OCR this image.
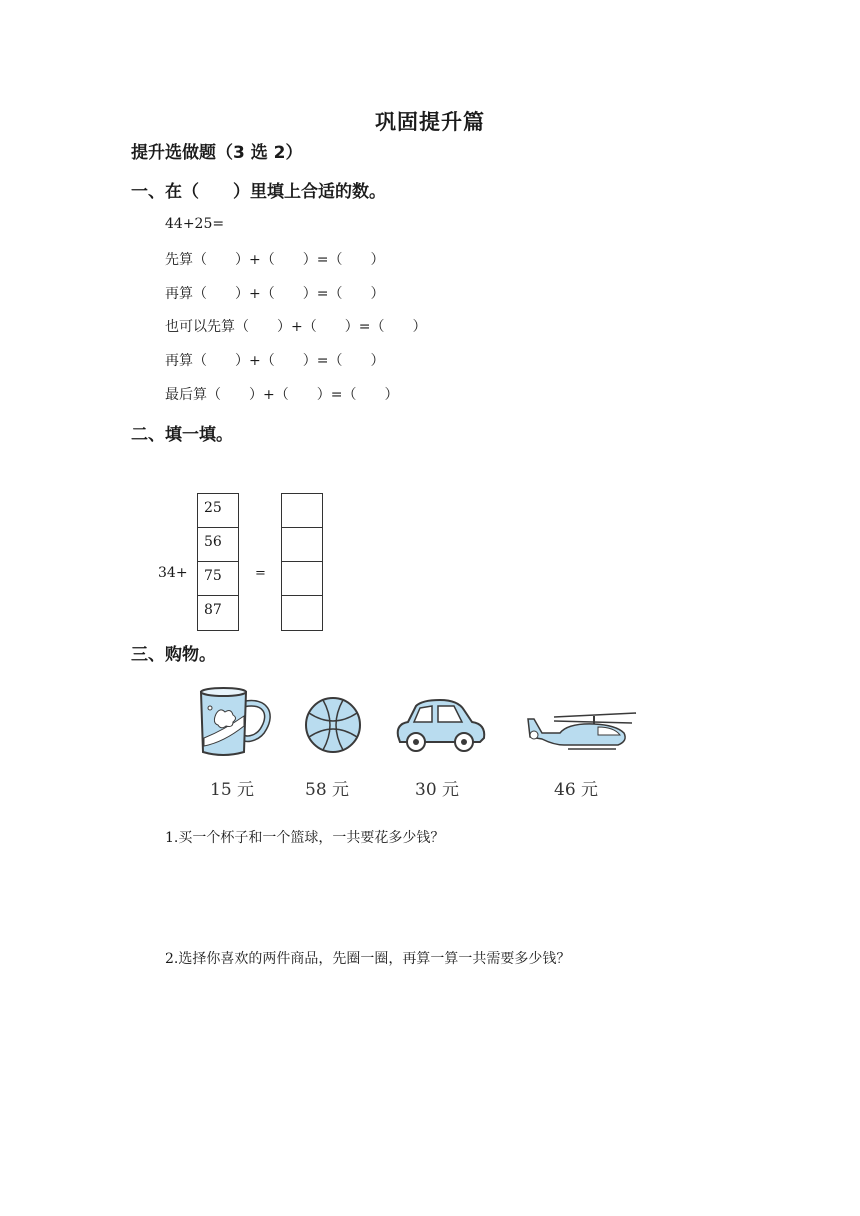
巩固提升篇
提升选做题（3 选 2）
一、在（　　）里填上合适的数。
44+25=
先算（　　）+（　　）=（　　）
再算（　　）+（　　）=（　　）
也可以先算（　　）+（　　）=（　　）
再算（　　）+（　　）=（　　）
最后算（　　）+（　　）=（　　）
二、填一填。
34+
25
56
75
87
=
三、购物。
15 元	58 元	30 元	46 元
1.买一个杯子和一个篮球，一共要花多少钱？
2.选择你喜欢的两件商品，先圈一圈，再算一算一共需要多少钱？
